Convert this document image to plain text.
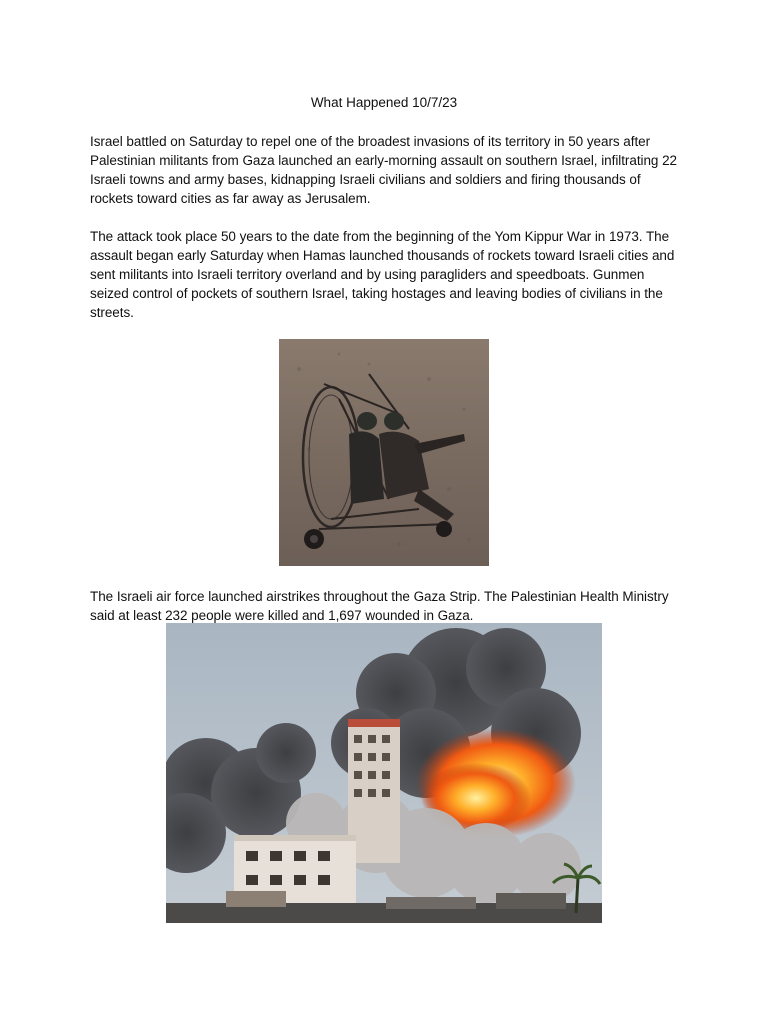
What Happened 10/7/23

Israel battled on Saturday to repel one of the broadest invasions of its territory in 50 years after Palestinian militants from Gaza launched an early-morning assault on southern Israel, infiltrating 22 Israeli towns and army bases, kidnapping Israeli civilians and soldiers and firing thousands of rockets toward cities as far away as Jerusalem.

The attack took place 50 years to the date from the beginning of the Yom Kippur War in 1973. The assault began early Saturday when Hamas launched thousands of rockets toward Israeli cities and sent militants into Israeli territory overland and by using paragliders and speedboats. Gunmen seized control of pockets of southern Israel, taking hostages and leaving bodies of civilians in the streets.

The Israeli air force launched airstrikes throughout the Gaza Strip. The Palestinian Health Ministry said at least 232 people were killed and 1,697 wounded in Gaza.
